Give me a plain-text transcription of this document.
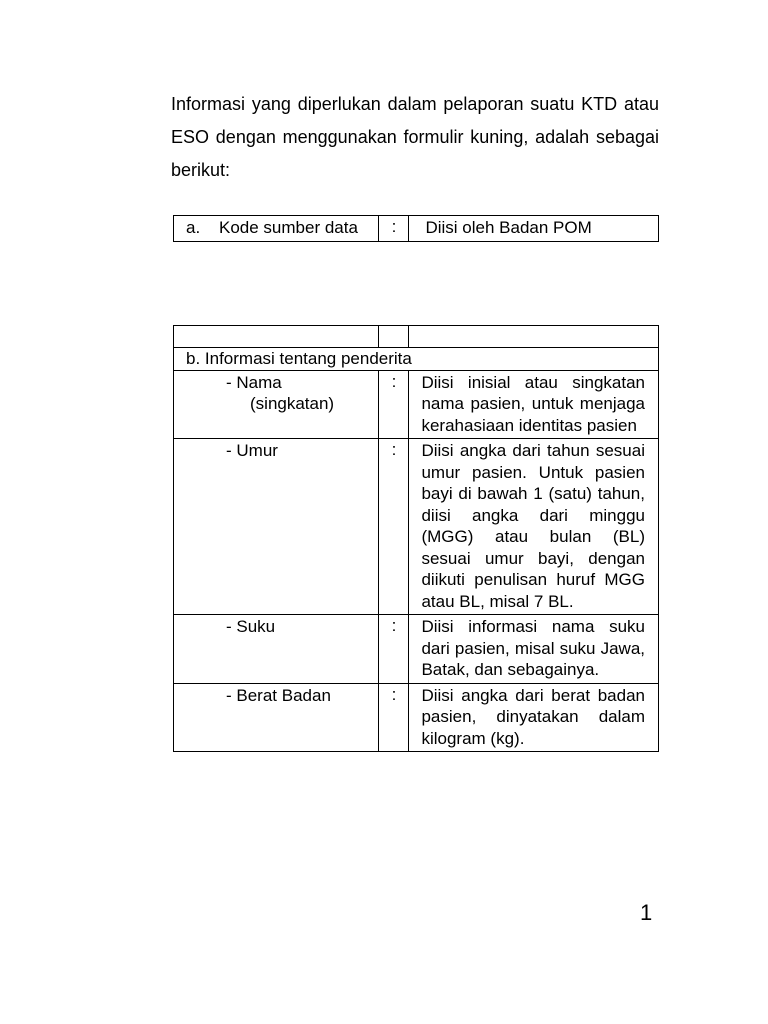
Informasi yang diperlukan dalam pelaporan suatu KTD atau ESO dengan menggunakan formulir kuning, adalah sebagai berikut:

a.	Kode sumber data	:	Diisi oleh Badan POM

b. Informasi tentang penderita		
- Nama
(singkatan)	:	Diisi inisial atau singkatan nama pasien, untuk menjaga kerahasiaan identitas pasien
- Umur	:	Diisi angka dari tahun sesuai umur pasien. Untuk pasien bayi di bawah 1 (satu) tahun, diisi angka dari minggu (MGG) atau bulan (BL) sesuai umur bayi, dengan diikuti penulisan huruf MGG atau BL, misal 7 BL.
- Suku	:	Diisi informasi nama suku dari pasien, misal suku Jawa, Batak, dan sebagainya.
- Berat Badan	:	Diisi angka dari berat badan pasien, dinyatakan dalam kilogram (kg).
1
